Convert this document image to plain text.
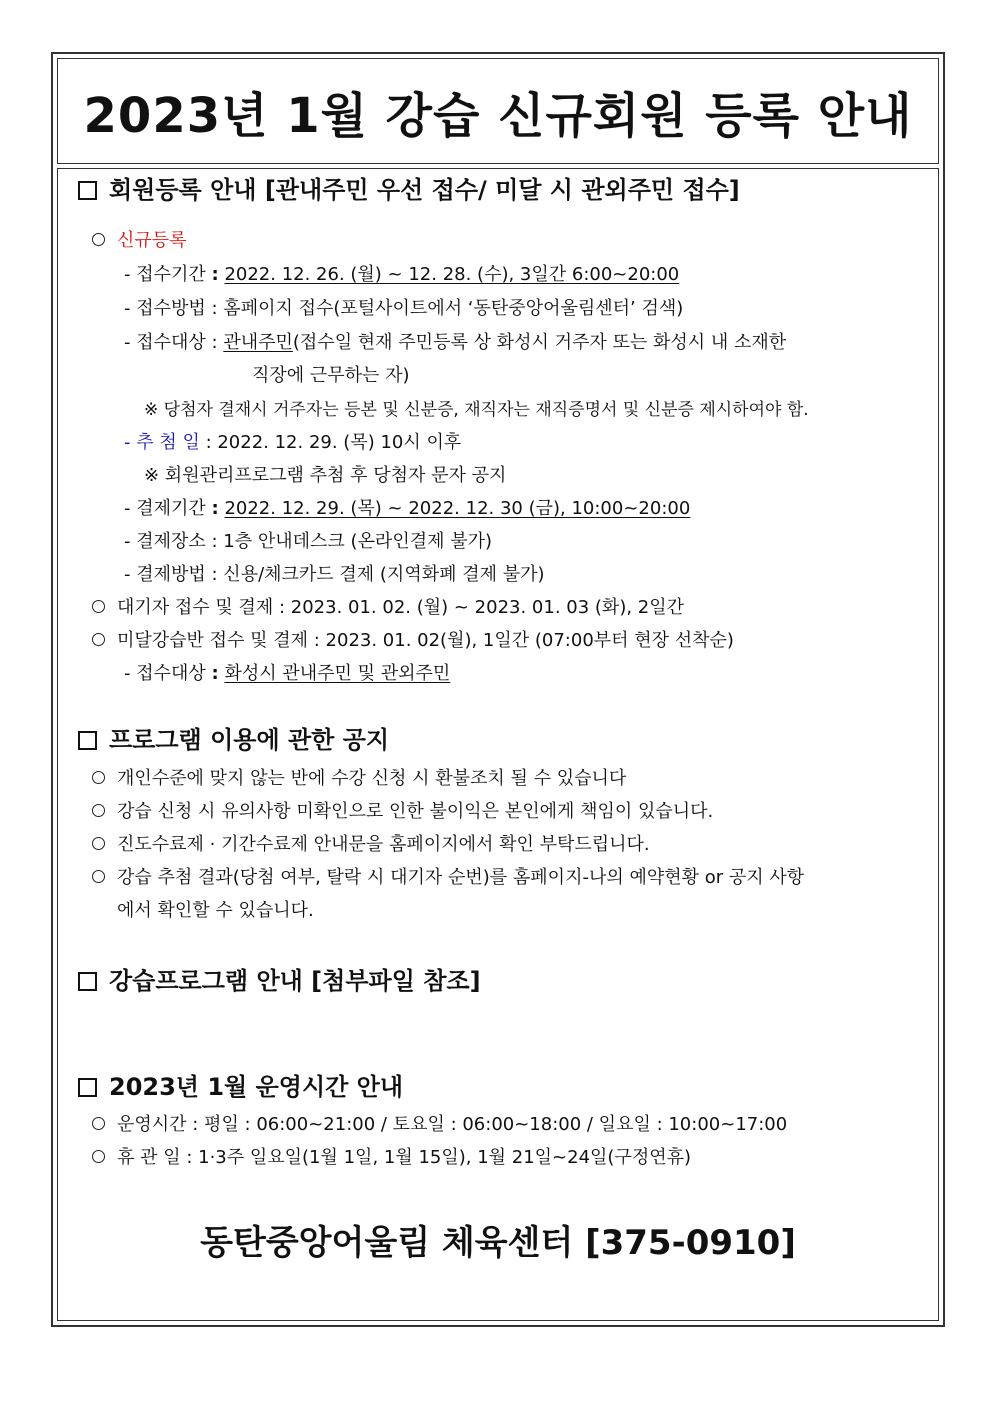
2023년 1월 강습 신규회원 등록 안내
회원등록 안내 [관내주민 우선 접수/ 미달 시 관외주민 접수]
신규등록
- 접수기간 : 2022. 12. 26. (월) ~ 12. 28. (수), 3일간 6:00~20:00
- 접수방법 : 홈페이지 접수(포털사이트에서 ‘동탄중앙어울림센터’ 검색)
- 접수대상 : 관내주민(접수일 현재 주민등록 상 화성시 거주자 또는 화성시 내 소재한
직장에 근무하는 자)
※ 당첨자 결재시 거주자는 등본 및 신분증, 재직자는 재직증명서 및 신분증 제시하여야 함.
- 추 첨 일 : 2022. 12. 29. (목) 10시 이후
※ 회원관리프로그램 추첨 후 당첨자 문자 공지
- 결제기간 : 2022. 12. 29. (목) ~ 2022. 12. 30 (금), 10:00~20:00
- 결제장소 : 1층 안내데스크 (온라인결제 불가)
- 결제방법 : 신용/체크카드 결제 (지역화폐 결제 불가)
대기자 접수 및 결제 : 2023. 01. 02. (월) ~ 2023. 01. 03 (화), 2일간
미달강습반 접수 및 결제 : 2023. 01. 02(월), 1일간 (07:00부터 현장 선착순)
- 접수대상 : 화성시 관내주민 및 관외주민
프로그램 이용에 관한 공지
개인수준에 맞지 않는 반에 수강 신청 시 환불조치 될 수 있습니다
강습 신청 시 유의사항 미확인으로 인한 불이익은 본인에게 책임이 있습니다.
진도수료제 · 기간수료제 안내문을 홈페이지에서 확인 부탁드립니다.
강습 추첨 결과(당첨 여부, 탈락 시 대기자 순번)를 홈페이지-나의 예약현황 or 공지 사항
에서 확인할 수 있습니다.
강습프로그램 안내 [첨부파일 참조]
2023년 1월 운영시간 안내
운영시간 : 평일 : 06:00~21:00 / 토요일 : 06:00~18:00 / 일요일 : 10:00~17:00
휴 관 일 : 1·3주 일요일(1월 1일, 1월 15일), 1월 21일~24일(구정연휴)
동탄중앙어울림 체육센터 [375-0910]
